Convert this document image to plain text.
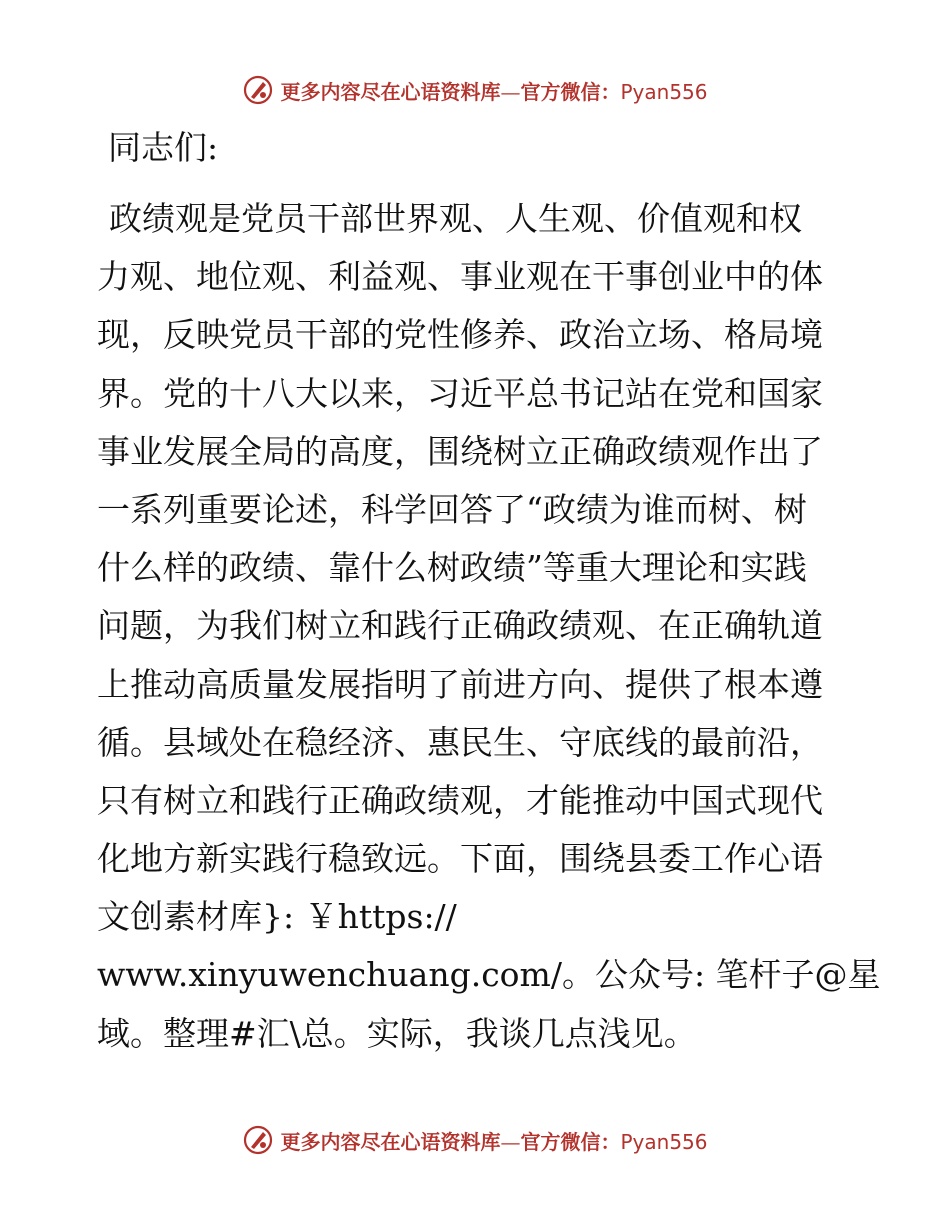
更多内容尽在心语资料库—官方微信：Pyan556
同志们:
政绩观是党员干部世界观、人生观、价值观和权
力观、地位观、利益观、事业观在干事创业中的体
现，反映党员干部的党性修养、政治立场、格局境
界。党的十八大以来，习近平总书记站在党和国家
事业发展全局的高度，围绕树立正确政绩观作出了
一系列重要论述，科学回答了“政绩为谁而树、树
什么样的政绩、靠什么树政绩”等重大理论和实践
问题，为我们树立和践行正确政绩观、在正确轨道
上推动高质量发展指明了前进方向、提供了根本遵
循。县域处在稳经济、惠民生、守底线的最前沿，
只有树立和践行正确政绩观，才能推动中国式现代
化地方新实践行稳致远。下面，围绕县委工作心语
文创素材库}: ￥https://
www.xinyuwenchuang.com/。公众号: 笔杆子@星
域。整理#汇\总。实际，我谈几点浅见。
更多内容尽在心语资料库—官方微信：Pyan556
